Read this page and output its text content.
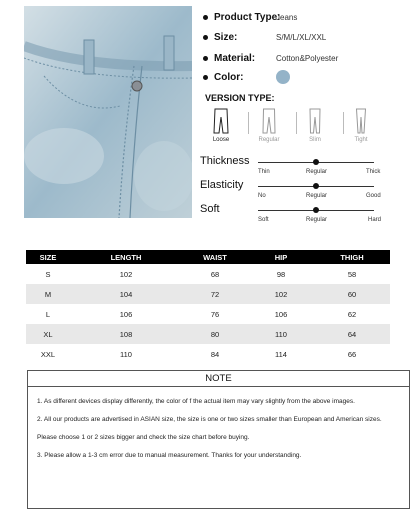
Product Type:
Jeans
Size:	S/M/L/XL/XXL
Material:	Cotton&Polyester
Color:
VERSION TYPE:
Loose	Regular	Slim	Tight
Thickness
Thin	Regular	Thick
Elasticity
No	Regular	Good
Soft
Soft	Regular	Hard
SIZE	LENGTH	WAIST	HIP	THIGH
S	102	68	98	58
M	104	72	102	60
L	106	76	106	62
XL	108	80	110	64
XXL	110	84	114	66
NOTE
1. As different devices display differently, the color of f the actual item may vary slightly from the above images.
2. All our products are advertised in ASIAN size, the size is one or two sizes smaller than European and American sizes. Please choose 1 or 2 sizes bigger and check the size chart before buying.
3. Please allow a 1-3 cm error due to manual measurement. Thanks for your understanding.
